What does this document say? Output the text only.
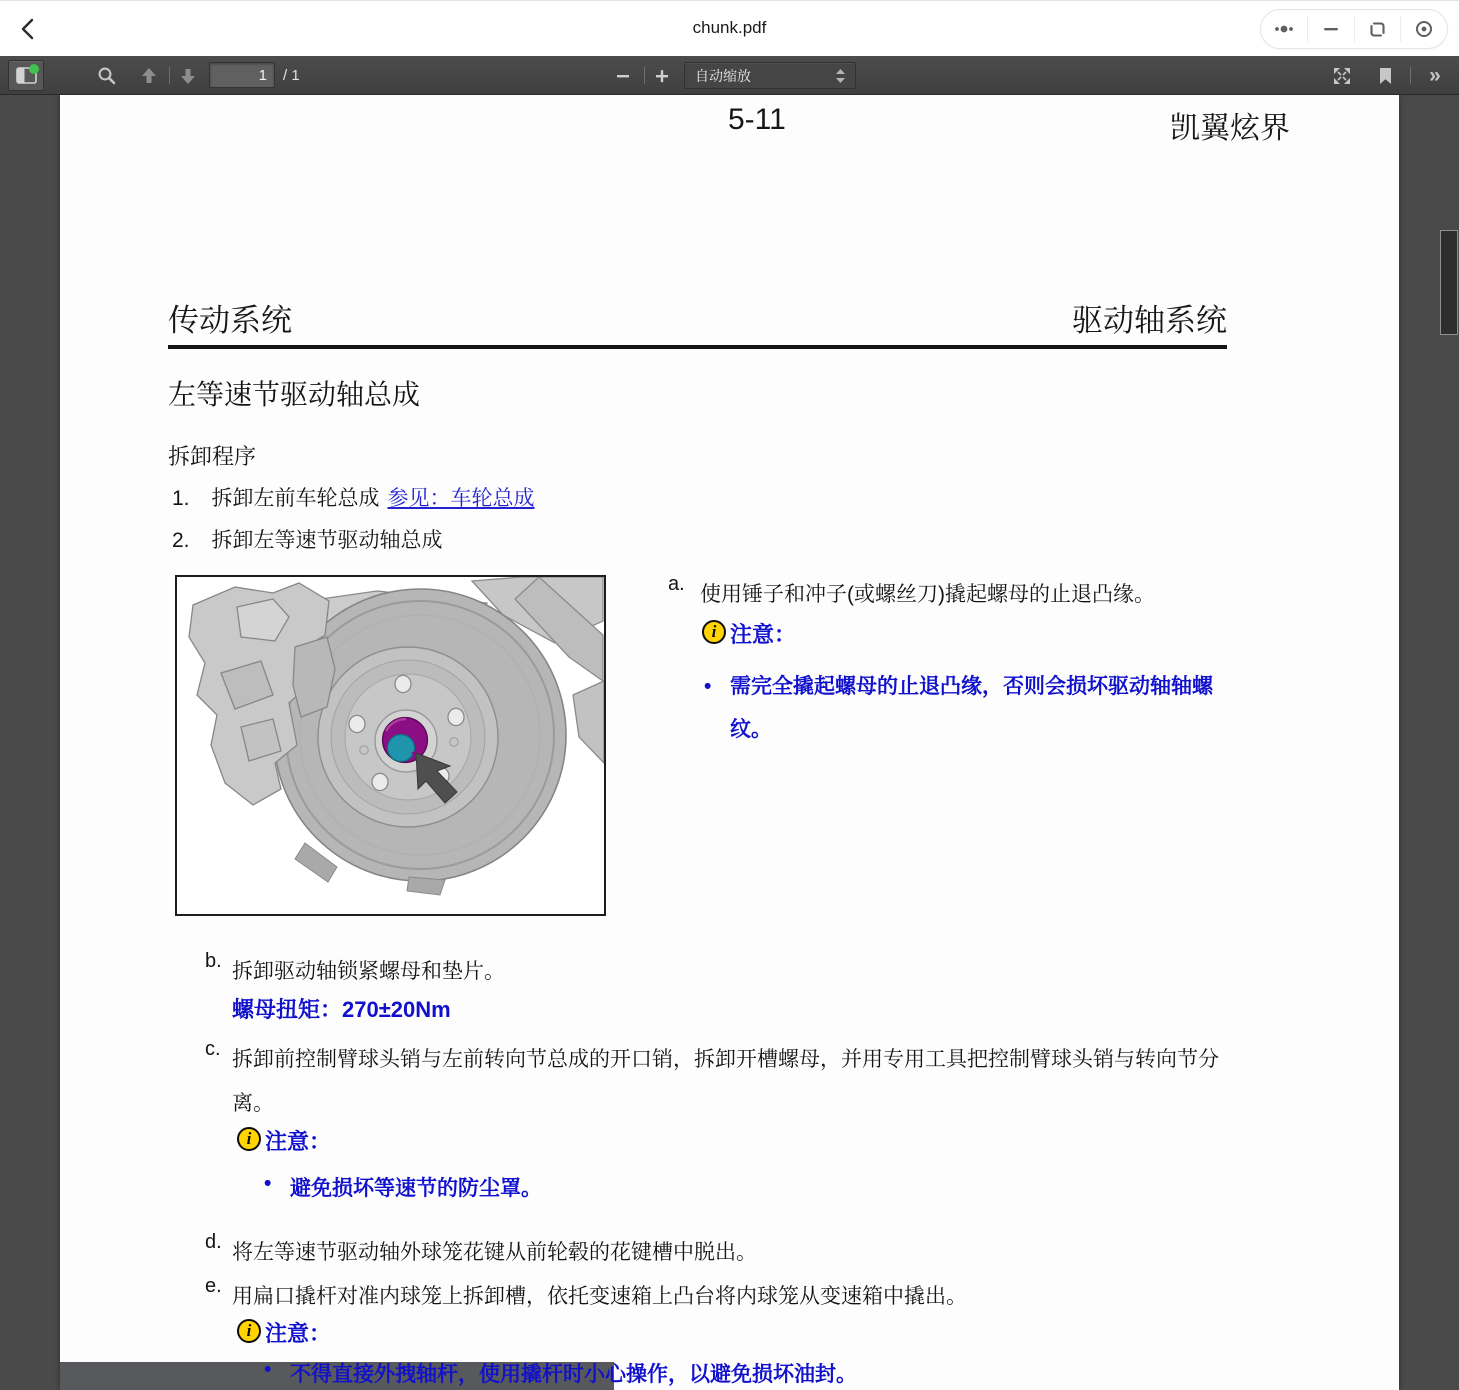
chunk.pdf
1
/ 1	自动缩放	»
5-11	凯翼炫界
传动系统	驱动轴系统
左等速节驱动轴总成
拆卸程序
1. 拆卸左前车轮总成 参见：车轮总成
2. 拆卸左等速节驱动轴总成
a. 使用锤子和冲子(或螺丝刀)撬起螺母的止退凸缘。
i 注意：
• 需完全撬起螺母的止退凸缘，否则会损坏驱动轴轴螺纹。
b. 拆卸驱动轴锁紧螺母和垫片。
螺母扭矩：270±20Nm
c. 拆卸前控制臂球头销与左前转向节总成的开口销，拆卸开槽螺母，并用专用工具把控制臂球头销与转向节分离。
i 注意：
• 避免损坏等速节的防尘罩。
d. 将左等速节驱动轴外球笼花键从前轮毂的花键槽中脱出。
e. 用扁口撬杆对准内球笼上拆卸槽，依托变速箱上凸台将内球笼从变速箱中撬出。
i 注意：
• 不得直接外拽轴杆，使用撬杆时小心操作，以避免损坏油封。
